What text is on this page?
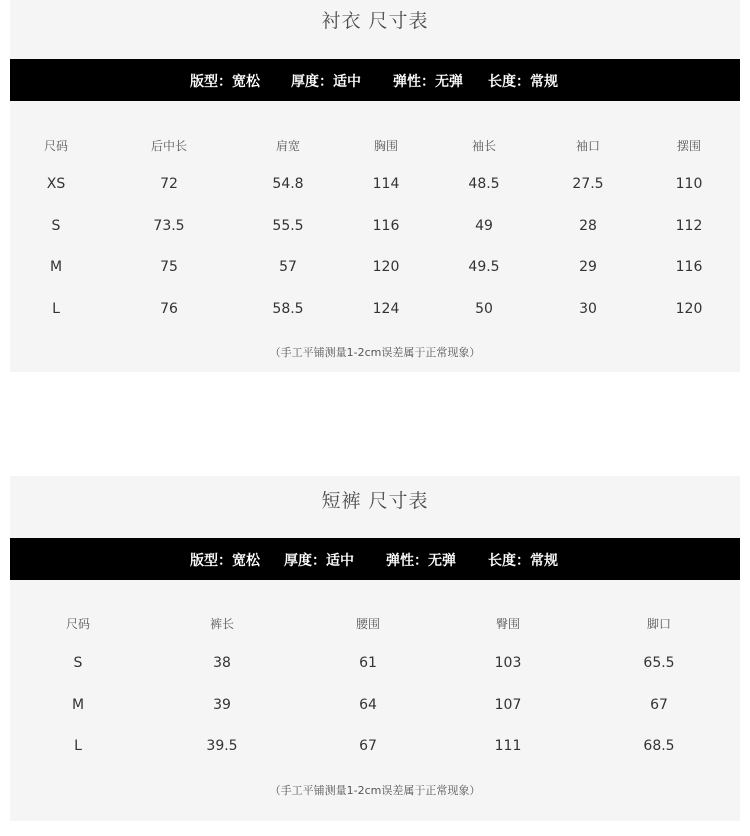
衬衣 尺寸表
版型：宽松 厚度：适中 弹性：无弹 长度：常规
尺码	后中长	肩宽	胸围	袖长	袖口	摆围
XS	72	54.8	114	48.5	27.5	110
S	73.5	55.5	116	49	28	112
M	75	57	120	49.5	29	116
L	76	58.5	124	50	30	120
（手工平铺测量1-2cm误差属于正常现象）
短裤 尺寸表
版型：宽松 厚度：适中 弹性：无弹 长度：常规
尺码	裤长	腰围	臀围	脚口
S	38	61	103	65.5
M	39	64	107	67
L	39.5	67	111	68.5
（手工平铺测量1-2cm误差属于正常现象）
